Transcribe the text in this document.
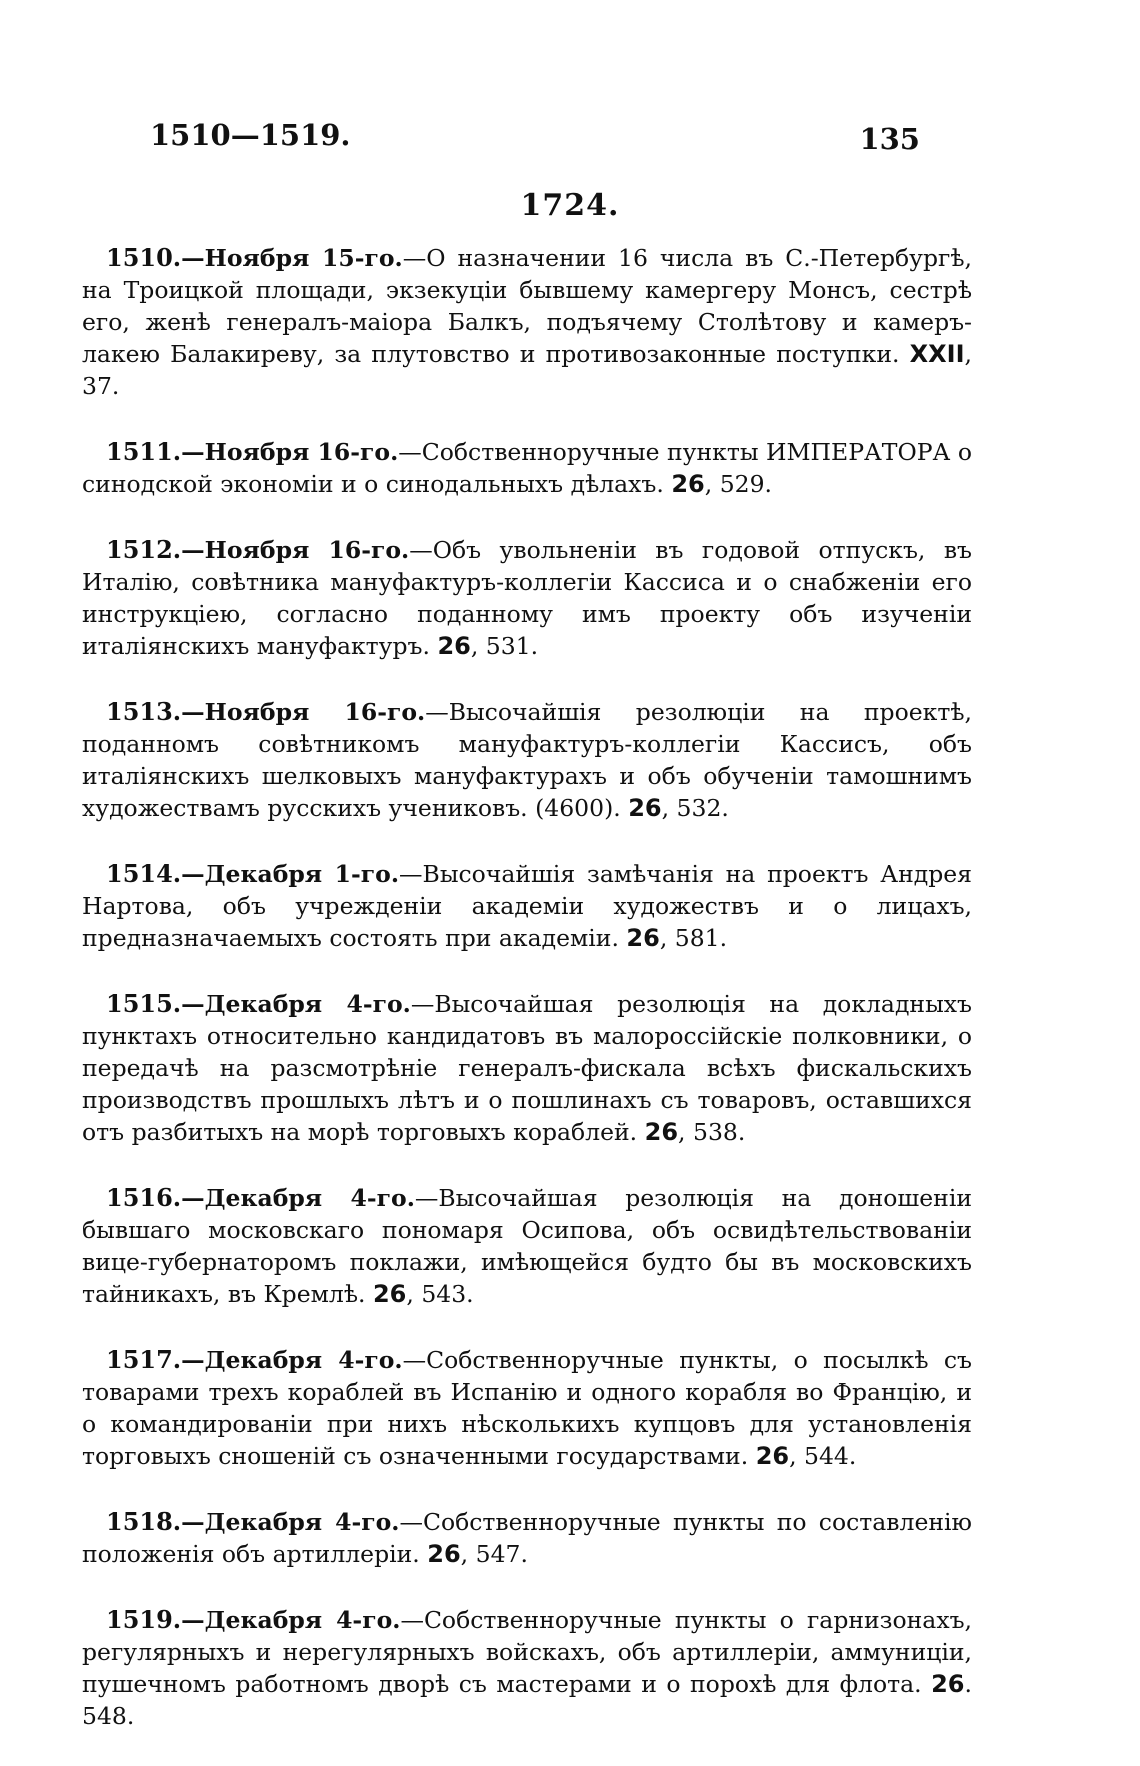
1510—1519.	135
1724.

1510.—Ноября 15-го.—О назначении 16 числа въ С.-Петербургѣ, на Троицкой площади, экзекуціи бывшему камергеру Монсъ, сестрѣ его, женѣ генералъ-маіора Балкъ, подъячему Столѣтову и камеръ-лакею Балакиреву, за плутовство и противозаконные поступки. XXII, 37.

1511.—Ноября 16-го.—Собственноручные пункты ИМПЕРАТОРА о синодской экономіи и о синодальныхъ дѣлахъ. 26, 529.

1512.—Ноября 16-го.—Объ увольненіи въ годовой отпускъ, въ Италію, совѣтника мануфактуръ-коллегіи Кассиса и о снабженіи его инструкціею, согласно поданному имъ проекту объ изученіи италіянскихъ мануфактуръ. 26, 531.

1513.—Ноября 16-го.—Высочайшія резолюціи на проектѣ, поданномъ совѣтникомъ мануфактуръ-коллегіи Кассисъ, объ италіянскихъ шелковыхъ мануфактурахъ и объ обученіи тамошнимъ художествамъ русскихъ учениковъ. (4600). 26, 532.

1514.—Декабря 1-го.—Высочайшія замѣчанія на проектъ Андрея Нартова, объ учрежденіи академіи художествъ и о лицахъ, предназначаемыхъ состоять при академіи. 26, 581.

1515.—Декабря 4-го.—Высочайшая резолюція на докладныхъ пунктахъ относительно кандидатовъ въ малороссійскіе полковники, о передачѣ на разсмотрѣніе генералъ-фискала всѣхъ фискальскихъ производствъ прошлыхъ лѣтъ и о пошлинахъ съ товаровъ, оставшихся отъ разбитыхъ на морѣ торговыхъ кораблей. 26, 538.

1516.—Декабря 4-го.—Высочайшая резолюція на доношеніи бывшаго московскаго пономаря Осипова, объ освидѣтельствованіи вице-губернаторомъ поклажи, имѣющейся будто бы въ московскихъ тайникахъ, въ Кремлѣ. 26, 543.

1517.—Декабря 4-го.—Собственноручные пункты, о посылкѣ съ товарами трехъ кораблей въ Испанію и одного корабля во Францію, и о командированіи при нихъ нѣсколькихъ купцовъ для установленія торговыхъ сношеній съ означенными государствами. 26, 544.

1518.—Декабря 4-го.—Собственноручные пункты по составленію положенія объ артиллеріи. 26, 547.

1519.—Декабря 4-го.—Собственноручные пункты о гарнизонахъ, регулярныхъ и нерегулярныхъ войскахъ, объ артиллеріи, аммуниціи, пушечномъ работномъ дворѣ съ мастерами и о порохѣ для флота. 26. 548.
